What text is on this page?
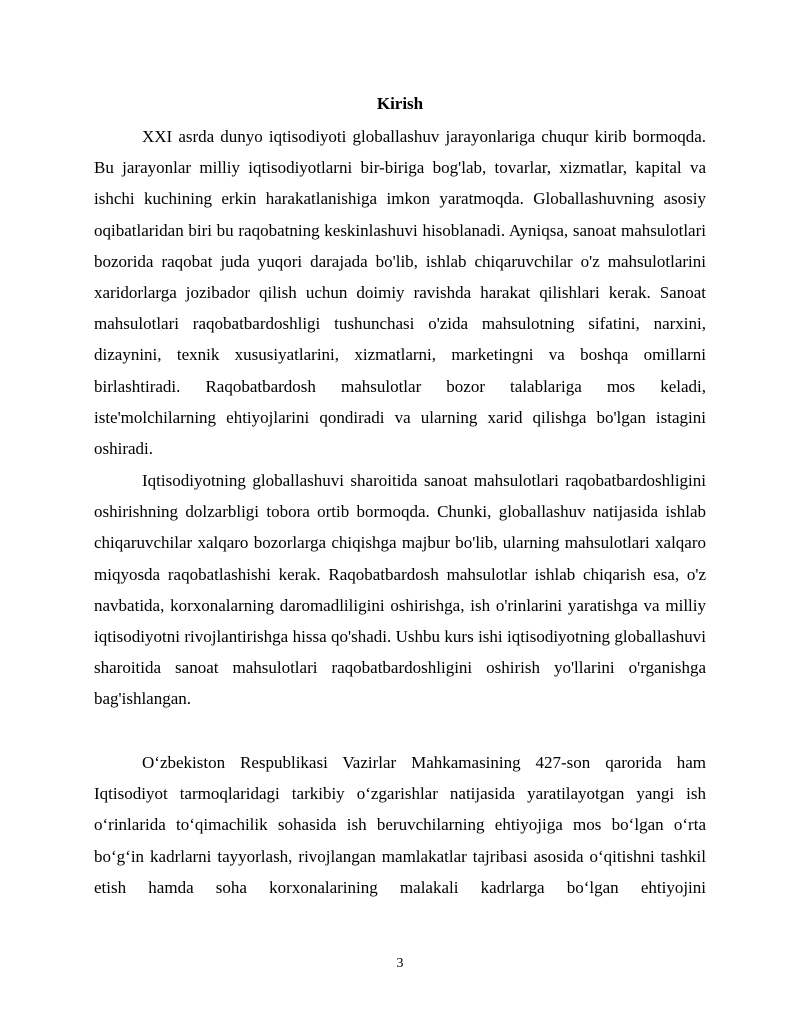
Kirish

XXI asrda dunyo iqtisodiyoti globallashuv jarayonlariga chuqur kirib bormoqda. Bu jarayonlar milliy iqtisodiyotlarni bir-biriga bog'lab, tovarlar, xizmatlar, kapital va ishchi kuchining erkin harakatlanishiga imkon yaratmoqda. Globallashuvning asosiy oqibatlaridan biri bu raqobatning keskinlashuvi hisoblanadi. Ayniqsa, sanoat mahsulotlari bozorida raqobat juda yuqori darajada bo'lib, ishlab chiqaruvchilar o'z mahsulotlarini xaridorlarga jozibador qilish uchun doimiy ravishda harakat qilishlari kerak. Sanoat mahsulotlari raqobatbardoshligi tushunchasi o'zida mahsulotning sifatini, narxini, dizaynini, texnik xususiyatlarini, xizmatlarni, marketingni va boshqa omillarni birlashtiradi. Raqobatbardosh mahsulotlar bozor talablariga mos keladi, iste'molchilarning ehtiyojlarini qondiradi va ularning xarid qilishga bo'lgan istagini oshiradi.

Iqtisodiyotning globallashuvi sharoitida sanoat mahsulotlari raqobatbardoshligini oshirishning dolzarbligi tobora ortib bormoqda. Chunki, globallashuv natijasida ishlab chiqaruvchilar xalqaro bozorlarga chiqishga majbur bo'lib, ularning mahsulotlari xalqaro miqyosda raqobatlashishi kerak. Raqobatbardosh mahsulotlar ishlab chiqarish esa, o'z navbatida, korxonalarning daromadliligini oshirishga, ish o'rinlarini yaratishga va milliy iqtisodiyotni rivojlantirishga hissa qo'shadi. Ushbu kurs ishi iqtisodiyotning globallashuvi sharoitida sanoat mahsulotlari raqobatbardoshligini oshirish yo'llarini o'rganishga bag'ishlangan.

O‘zbekiston Respublikasi Vazirlar Mahkamasining 427-son qarorida ham Iqtisodiyot tarmoqlaridagi tarkibiy o‘zgarishlar natijasida yaratilayotgan yangi ish o‘rinlarida to‘qimachilik sohasida ish beruvchilarning ehtiyojiga mos bo‘lgan o‘rta bo‘g‘in kadrlarni tayyorlash, rivojlangan mamlakatlar tajribasi asosida o‘qitishni tashkil etish hamda soha korxonalarining malakali kadrlarga bo‘lgan ehtiyojini

3
